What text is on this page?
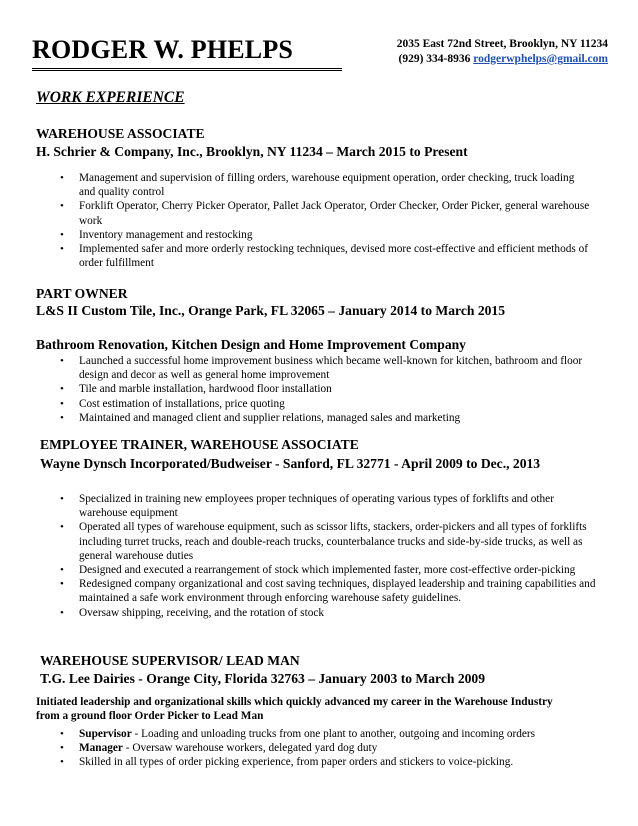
RODGER W. PHELPS	2035 East 72nd Street, Brooklyn, NY 11234
(929) 334-8936 rodgerwphelps@gmail.com
WORK EXPERIENCE
WAREHOUSE ASSOCIATE
H. Schrier & Company, Inc., Brooklyn, NY 11234 – March 2015 to Present
• Management and supervision of filling orders, warehouse equipment operation, order checking, truck loading and quality control
• Forklift Operator, Cherry Picker Operator, Pallet Jack Operator, Order Checker, Order Picker, general warehouse work
• Inventory management and restocking
• Implemented safer and more orderly restocking techniques, devised more cost-effective and efficient methods of order fulfillment
PART OWNER
L&S II Custom Tile, Inc., Orange Park, FL 32065 – January 2014 to March 2015
Bathroom Renovation, Kitchen Design and Home Improvement Company
• Launched a successful home improvement business which became well-known for kitchen, bathroom and floor design and decor as well as general home improvement
• Tile and marble installation, hardwood floor installation
• Cost estimation of installations, price quoting
• Maintained and managed client and supplier relations, managed sales and marketing
EMPLOYEE TRAINER, WAREHOUSE ASSOCIATE
Wayne Dynsch Incorporated/Budweiser - Sanford, FL 32771 - April 2009 to Dec., 2013
• Specialized in training new employees proper techniques of operating various types of forklifts and other warehouse equipment
• Operated all types of warehouse equipment, such as scissor lifts, stackers, order-pickers and all types of forklifts including turret trucks, reach and double-reach trucks, counterbalance trucks and side-by-side trucks, as well as general warehouse duties
• Designed and executed a rearrangement of stock which implemented faster, more cost-effective order-picking
• Redesigned company organizational and cost saving techniques, displayed leadership and training capabilities and maintained a safe work environment through enforcing warehouse safety guidelines.
• Oversaw shipping, receiving, and the rotation of stock
WAREHOUSE SUPERVISOR/ LEAD MAN
T.G. Lee Dairies - Orange City, Florida 32763 – January 2003 to March 2009
Initiated leadership and organizational skills which quickly advanced my career in the Warehouse Industry from a ground floor Order Picker to Lead Man
• Supervisor - Loading and unloading trucks from one plant to another, outgoing and incoming orders
• Manager - Oversaw warehouse workers, delegated yard dog duty
• Skilled in all types of order picking experience, from paper orders and stickers to voice-picking.
